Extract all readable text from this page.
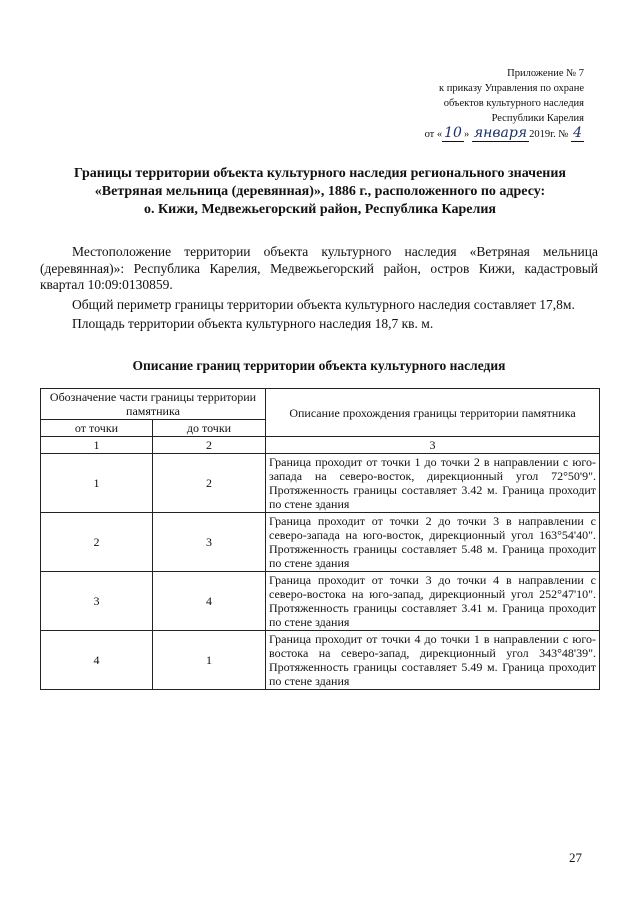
Приложение № 7
к приказу Управления по охране
объектов культурного наследия
Республики Карелия
от « 10 » января 2019г. № 4
Границы территории объекта культурного наследия регионального значения
«Ветряная мельница (деревянная)», 1886 г., расположенного по адресу:
о. Кижи, Медвежьегорский район, Республика Карелия

Местоположение территории объекта культурного наследия «Ветряная мельница (деревянная)»: Республика Карелия, Медвежьегорский район, остров Кижи, кадастровый квартал 10:09:0130859.

Общий периметр границы территории объекта культурного наследия составляет 17,8м.

Площадь территории объекта культурного наследия 18,7 кв. м.

Описание границ территории объекта культурного наследия
Обозначение части границы территории памятника		Описание прохождения границы территории памятника
от точки	до точки	
1	2	3
1	2	Граница проходит от точки 1 до точки 2 в направлении с юго-запада на северо-восток, дирекционный угол 72°50'9". Протяженность границы составляет 3.42 м. Граница проходит по стене здания
2	3	Граница проходит от точки 2 до точки 3 в направлении с северо-запада на юго-восток, дирекционный угол 163°54'40". Протяженность границы составляет 5.48 м. Граница проходит по стене здания
3	4	Граница проходит от точки 3 до точки 4 в направлении с северо-востока на юго-запад, дирекционный угол 252°47'10". Протяженность границы составляет 3.41 м. Граница проходит по стене здания
4	1	Граница проходит от точки 4 до точки 1 в направлении с юго-востока на северо-запад, дирекционный угол 343°48'39". Протяженность границы составляет 5.49 м. Граница проходит по стене здания
27
